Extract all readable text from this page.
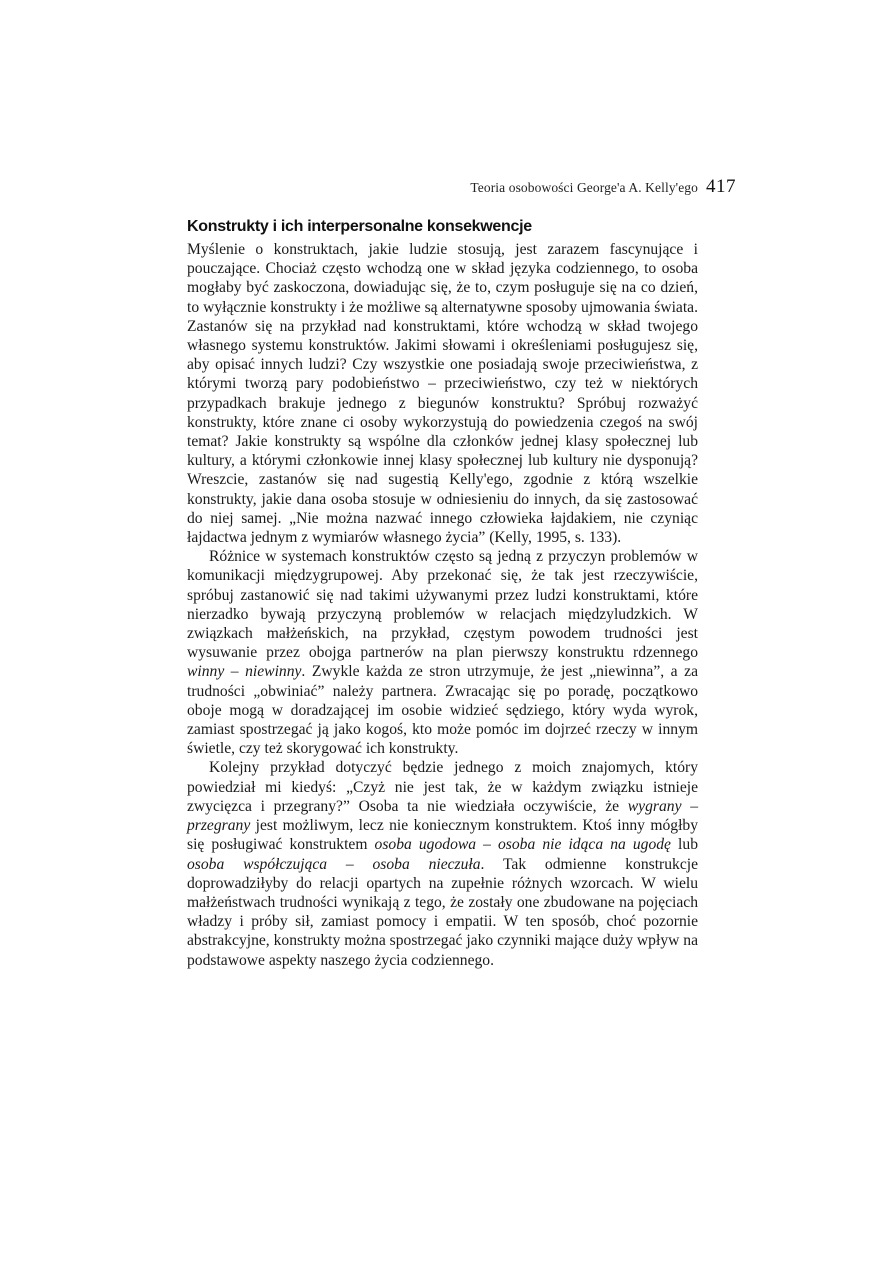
Teoria osobowości George'a A. Kelly'ego 417
Konstrukty i ich interpersonalne konsekwencje

Myślenie o konstruktach, jakie ludzie stosują, jest zarazem fascynujące i pouczające. Chociaż często wchodzą one w skład języka codziennego, to osoba mogłaby być zaskoczona, dowiadując się, że to, czym posługuje się na co dzień, to wyłącznie konstrukty i że możliwe są alternatywne sposoby ujmowania świata. Zastanów się na przykład nad konstruktami, które wchodzą w skład twojego własnego systemu konstruktów. Jakimi słowami i określeniami posługujesz się, aby opisać innych ludzi? Czy wszystkie one posiadają swoje przeciwieństwa, z którymi tworzą pary podobieństwo – przeciwieństwo, czy też w niektórych przypadkach brakuje jednego z biegunów konstruktu? Spróbuj rozważyć konstrukty, które znane ci osoby wykorzystują do powiedzenia czegoś na swój temat? Jakie konstrukty są wspólne dla członków jednej klasy społecznej lub kultury, a którymi członkowie innej klasy społecznej lub kultury nie dysponują? Wreszcie, zastanów się nad sugestią Kelly'ego, zgodnie z którą wszelkie konstrukty, jakie dana osoba stosuje w odniesieniu do innych, da się zastosować do niej samej. „Nie można nazwać innego człowieka łajdakiem, nie czyniąc łajdactwa jednym z wymiarów własnego życia” (Kelly, 1995, s. 133).

Różnice w systemach konstruktów często są jedną z przyczyn problemów w komunikacji międzygrupowej. Aby przekonać się, że tak jest rzeczywiście, spróbuj zastanowić się nad takimi używanymi przez ludzi konstruktami, które nierzadko bywają przyczyną problemów w relacjach międzyludzkich. W związkach małżeńskich, na przykład, częstym powodem trudności jest wysuwanie przez obojga partnerów na plan pierwszy konstruktu rdzennego winny – niewinny. Zwykle każda ze stron utrzymuje, że jest „niewinna”, a za trudności „obwiniać” należy partnera. Zwracając się po poradę, początkowo oboje mogą w doradzającej im osobie widzieć sędziego, który wyda wyrok, zamiast spostrzegać ją jako kogoś, kto może pomóc im dojrzeć rzeczy w innym świetle, czy też skorygować ich konstrukty.

Kolejny przykład dotyczyć będzie jednego z moich znajomych, który powiedział mi kiedyś: „Czyż nie jest tak, że w każdym związku istnieje zwycięzca i przegrany?” Osoba ta nie wiedziała oczywiście, że wygrany – przegrany jest możliwym, lecz nie koniecznym konstruktem. Ktoś inny mógłby się posługiwać konstruktem osoba ugodowa – osoba nie idąca na ugodę lub osoba współczująca – osoba nieczuła. Tak odmienne konstrukcje doprowadziłyby do relacji opartych na zupełnie różnych wzorcach. W wielu małżeństwach trudności wynikają z tego, że zostały one zbudowane na pojęciach władzy i próby sił, zamiast pomocy i empatii. W ten sposób, choć pozornie abstrakcyjne, konstrukty można spostrzegać jako czynniki mające duży wpływ na podstawowe aspekty naszego życia codziennego.
